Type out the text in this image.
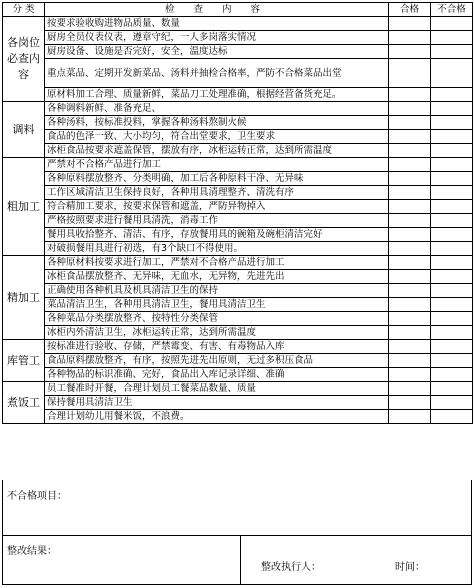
分 类	检 查 内 容	合格	不合格
各岗位必查内容	按要求验收购进物品质量、数量		
	厨房全员仪表仪表，遵章守纪，一人多岗落实情况		
	厨房设备、设施是否完好，安全，温度达标		
	重点菜品、定期开发新菜品、汤料并抽检合格率，严防不合格菜品出堂		
	原材料加工合理、质量新鲜，菜品刀工处理准确，根据经营备货充足。		
调料	各种调料新鲜、准备充足、		
	各种汤料，按标准投料，掌握各种汤料熬制火候		
	食品的色泽一致、大小均匀，符合出堂要求，卫生要求		
	冰柜食品按要求遮盖保管，摆放有序，冰柜运转正常，达到所需温度		
粗加工	严禁对不合格产品进行加工		
	各种原料摆放整齐、分类明确，加工后各种原料干净、无异味		
	工作区域清洁卫生保持良好，各种用具清理整齐、清洗有序		
	符合精加工要求，按要求保管和遮盖，严防异物掉入		
	严格按照要求进行餐用具清洗，消毒工作		
	餐用具收拾整齐、清洁、有序，存放餐用具的碗箱及碗柜清洁完好		
	对破损餐用具进行初选，有3个缺口不得使用。		
精加工	各种原材料按要求进行加工，严禁对不合格产品进行加工		
	冰柜食品摆放整齐、无异味，无血水，无异物，先进先出		
	正确使用各种机具及机具清洁卫生的保持		
	菜品清洁卫生，各种用具清洁卫生，餐用具清洁卫生		
	各种菜品分类摆放整齐、按特性分类保管		
	冰柜内外清洁卫生，冰柜运转正常，达到所需温度		
库管工	按标准进行验收、存储，严禁霉变、有害、有毒物品入库		
	食品原料摆放整齐，有序，按照先进先出原则，无过多积压食品		
	各种物品的标识准确、完好，食品出入库记录详细、准确		
煮饭工	员工餐准时开餐，合理计划员工餐菜品数量、质量		
	保持餐用具清洁卫生		
	合理计划幼儿用餐米饭，不浪费。		
不合格项目：
整改结果：
整改执行人：	时间：
